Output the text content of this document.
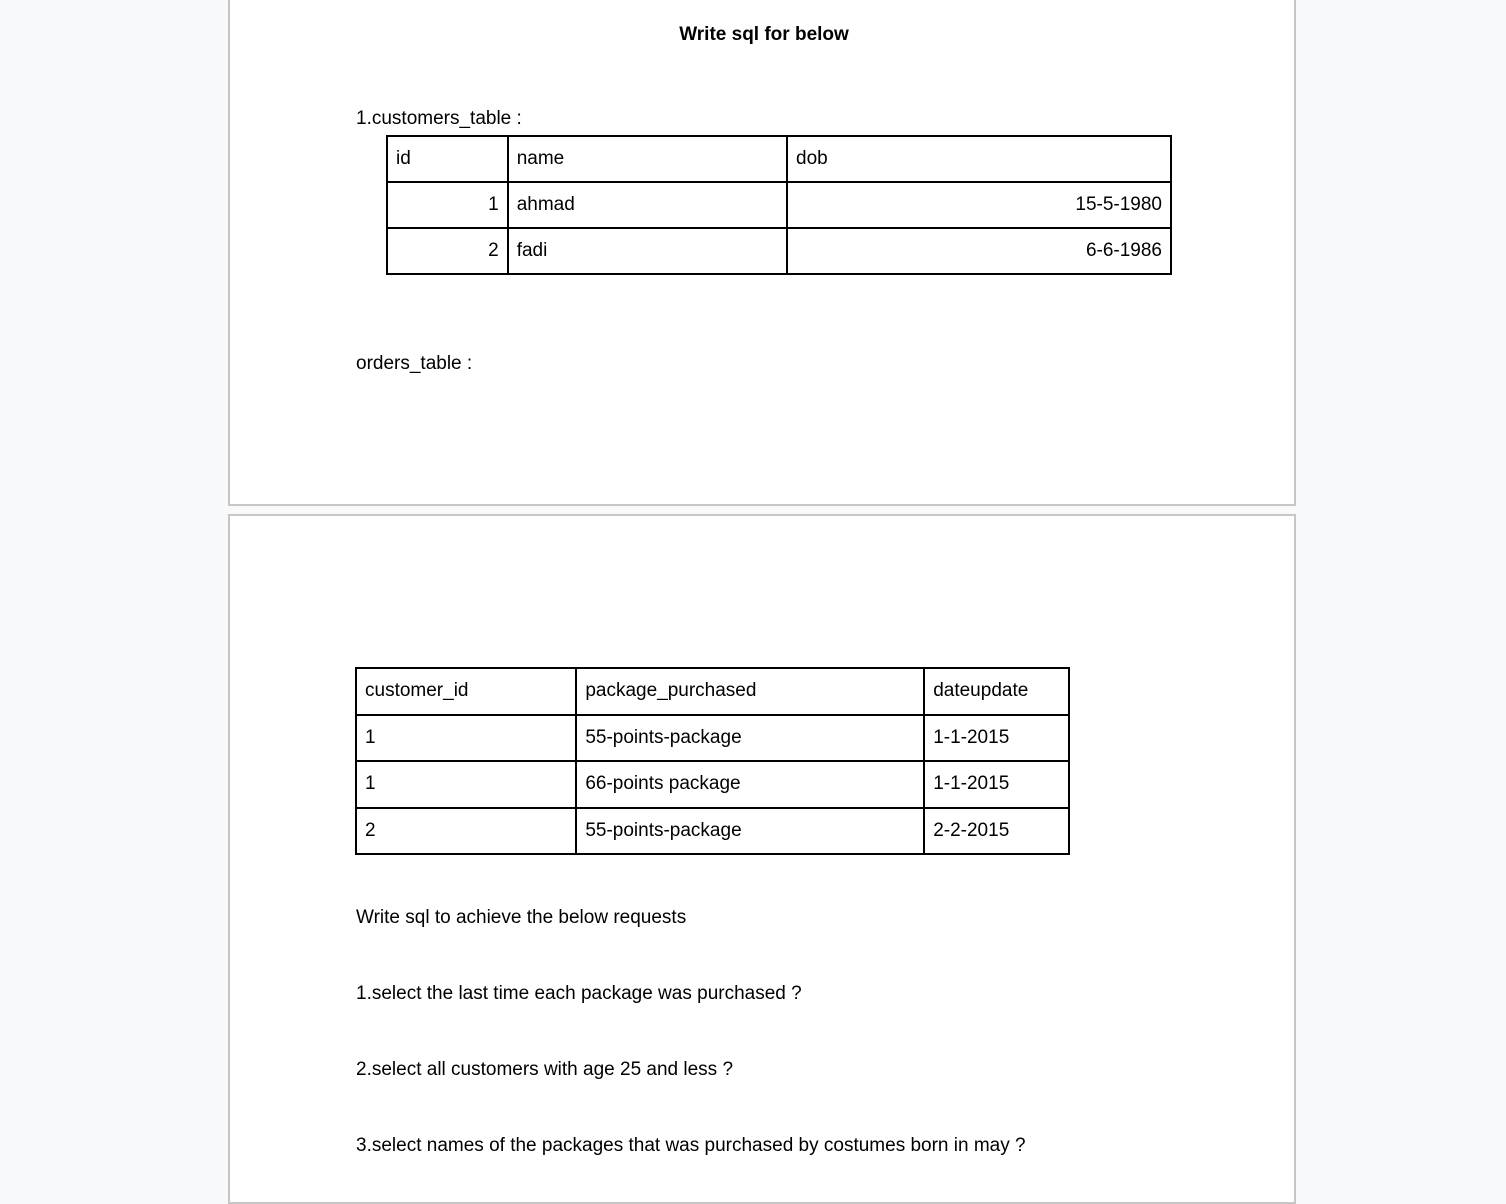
Write sql for below
1.customers_table :
id	name	dob
1	ahmad	15-5-1980
2	fadi	6-6-1986
orders_table :
customer_id	package_purchased	dateupdate
1	55-points-package	1-1-2015
1	66-points package	1-1-2015
2	55-points-package	2-2-2015
Write sql to achieve the below requests
1.select the last time each package was purchased ?
2.select all customers with age 25 and less ?
3.select names of the packages that was purchased by costumes born in may ?
